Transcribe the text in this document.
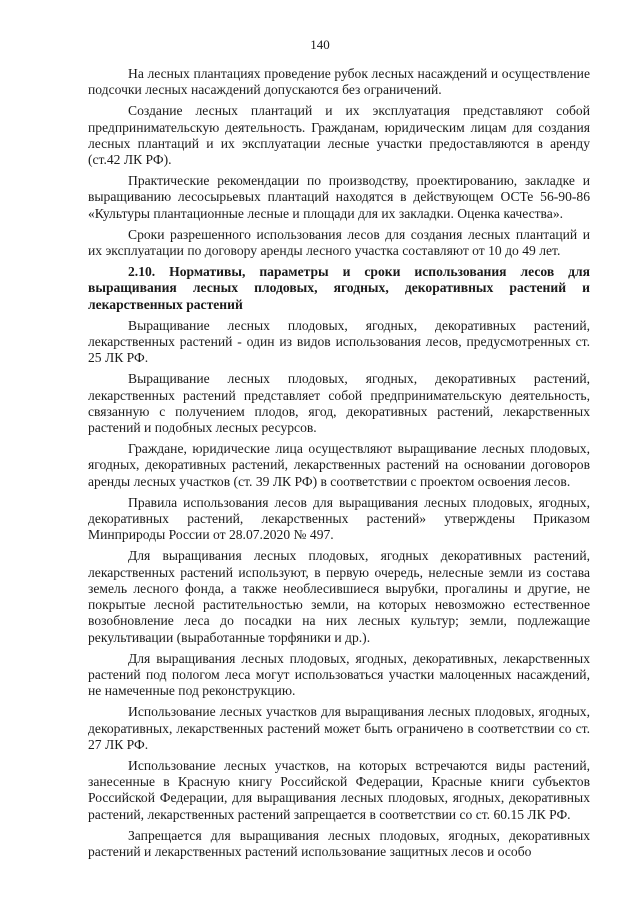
140

На лесных плантациях проведение рубок лесных насаждений и осуществление подсочки лесных насаждений допускаются без ограничений.

Создание лесных плантаций и их эксплуатация представляют собой предпринимательскую деятельность. Гражданам, юридическим лицам для создания лесных плантаций и их эксплуатации лесные участки предоставляются в аренду (ст.42 ЛК РФ).

Практические рекомендации по производству, проектированию, закладке и выращиванию лесосырьевых плантаций находятся в действующем ОСТе 56-90-86 «Культуры плантационные лесные и площади для их закладки. Оценка качества».

Сроки разрешенного использования лесов для создания лесных плантаций и их эксплуатации по договору аренды лесного участка составляют от 10 до 49 лет.

2.10. Нормативы, параметры и сроки использования лесов для выращивания лесных плодовых, ягодных, декоративных растений и лекарственных растений

Выращивание лесных плодовых, ягодных, декоративных растений, лекарственных растений - один из видов использования лесов, предусмотренных ст. 25 ЛК РФ.

Выращивание лесных плодовых, ягодных, декоративных растений, лекарственных растений представляет собой предпринимательскую деятельность, связанную с получением плодов, ягод, декоративных растений, лекарственных растений и подобных лесных ресурсов.

Граждане, юридические лица осуществляют выращивание лесных плодовых, ягодных, декоративных растений, лекарственных растений на основании договоров аренды лесных участков (ст. 39 ЛК РФ) в соответствии с проектом освоения лесов.

Правила использования лесов для выращивания лесных плодовых, ягодных, декоративных растений, лекарственных растений» утверждены Приказом Минприроды России от 28.07.2020 № 497.

Для выращивания лесных плодовых, ягодных декоративных растений, лекарственных растений используют, в первую очередь, нелесные земли из состава земель лесного фонда, а также необлесившиеся вырубки, прогалины и другие, не покрытые лесной растительностью земли, на которых невозможно естественное возобновление леса до посадки на них лесных культур; земли, подлежащие рекультивации (выработанные торфяники и др.).

Для выращивания лесных плодовых, ягодных, декоративных, лекарственных растений под пологом леса могут использоваться участки малоценных насаждений, не намеченные под реконструкцию.

Использование лесных участков для выращивания лесных плодовых, ягодных, декоративных, лекарственных растений может быть ограничено в соответствии со ст. 27 ЛК РФ.

Использование лесных участков, на которых встречаются виды растений, занесенные в Красную книгу Российской Федерации, Красные книги субъектов Российской Федерации, для выращивания лесных плодовых, ягодных, декоративных растений, лекарственных растений запрещается в соответствии со ст. 60.15 ЛК РФ.

Запрещается для выращивания лесных плодовых, ягодных, декоративных растений и лекарственных растений использование защитных лесов и особо
